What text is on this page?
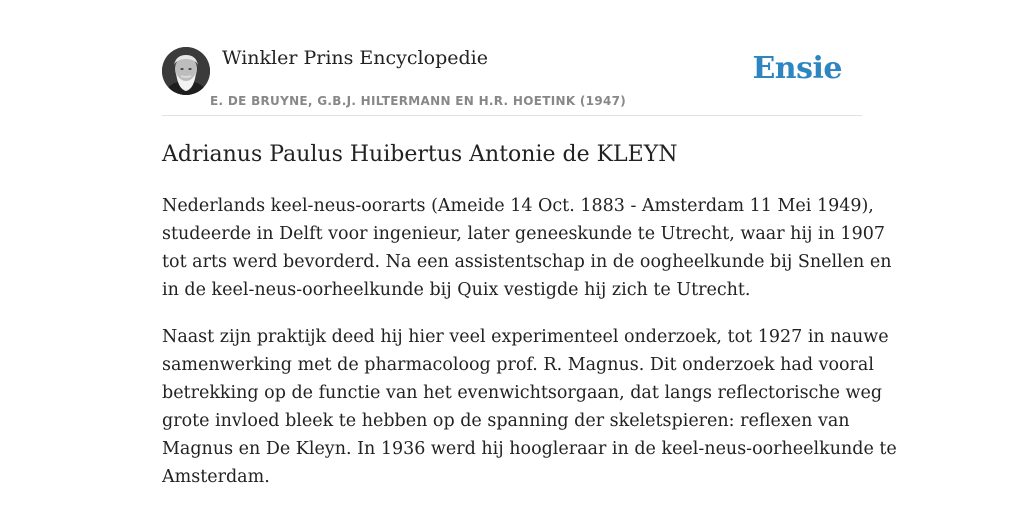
Winkler Prins Encyclopedie
E. DE BRUYNE, G.B.J. HILTERMANN EN H.R. HOETINK (1947)
Ensie
Adrianus Paulus Huibertus Antonie de KLEYN

Nederlands keel-neus-oorarts (Ameide 14 Oct. 1883 - Amsterdam 11 Mei 1949),
studeerde in Delft voor ingenieur, later geneeskunde te Utrecht, waar hij in 1907
tot arts werd bevorderd. Na een assistentschap in de oogheelkunde bij Snellen en
in de keel-neus-oorheelkunde bij Quix vestigde hij zich te Utrecht.

Naast zijn praktijk deed hij hier veel experimenteel onderzoek, tot 1927 in nauwe
samenwerking met de pharmacoloog prof. R. Magnus. Dit onderzoek had vooral
betrekking op de functie van het evenwichtsorgaan, dat langs reflectorische weg
grote invloed bleek te hebben op de spanning der skeletspieren: reflexen van
Magnus en De Kleyn. In 1936 werd hij hoogleraar in de keel-neus-oorheelkunde te
Amsterdam.
